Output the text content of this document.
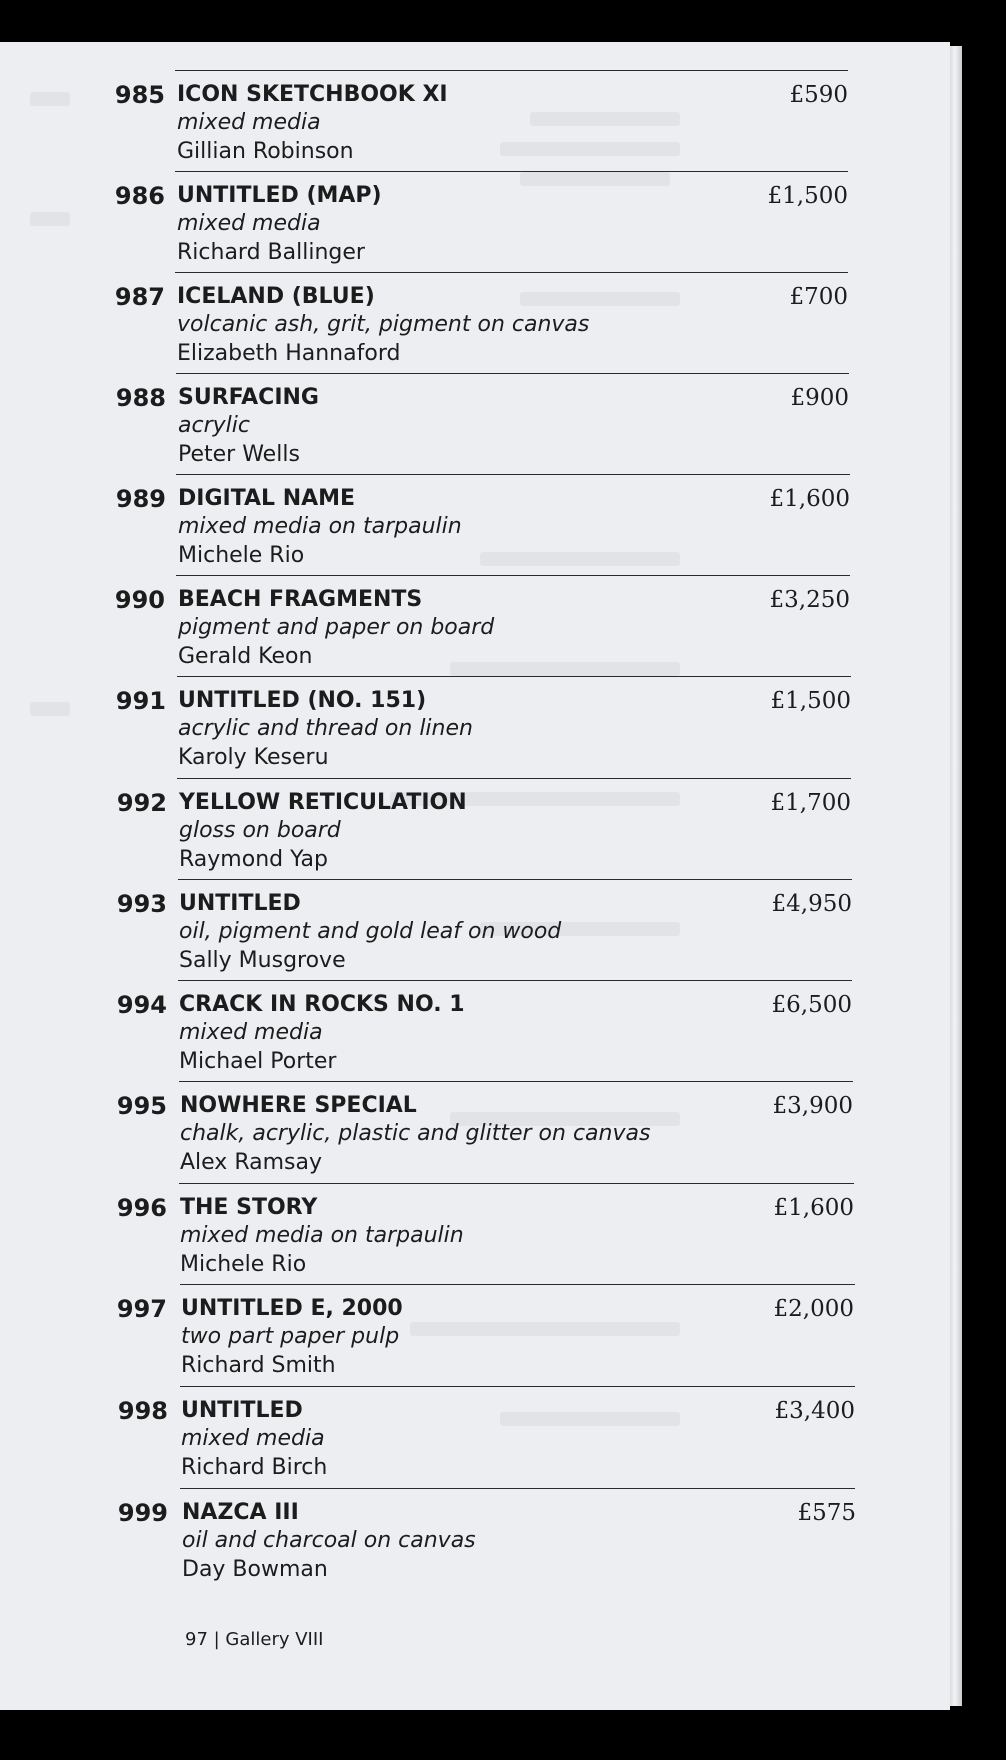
985 ICON SKETCHBOOK XI
mixed media
Gillian Robinson
£590
986 UNTITLED (MAP)
mixed media
Richard Ballinger
£1,500
987 ICELAND (BLUE)
volcanic ash, grit, pigment on canvas
Elizabeth Hannaford
£700
988 SURFACING
acrylic
Peter Wells
£900
989 DIGITAL NAME
mixed media on tarpaulin
Michele Rio
£1,600
990 BEACH FRAGMENTS
pigment and paper on board
Gerald Keon
£3,250
991 UNTITLED (NO. 151)
acrylic and thread on linen
Karoly Keseru
£1,500
992 YELLOW RETICULATION
gloss on board
Raymond Yap
£1,700
993 UNTITLED
oil, pigment and gold leaf on wood
Sally Musgrove
£4,950
994 CRACK IN ROCKS NO. 1
mixed media
Michael Porter
£6,500
995 NOWHERE SPECIAL
chalk, acrylic, plastic and glitter on canvas
Alex Ramsay
£3,900
996 THE STORY
mixed media on tarpaulin
Michele Rio
£1,600
997 UNTITLED E, 2000
two part paper pulp
Richard Smith
£2,000
998 UNTITLED
mixed media
Richard Birch
£3,400
999 NAZCA III
oil and charcoal on canvas
Day Bowman
£575
97 | Gallery VIII
